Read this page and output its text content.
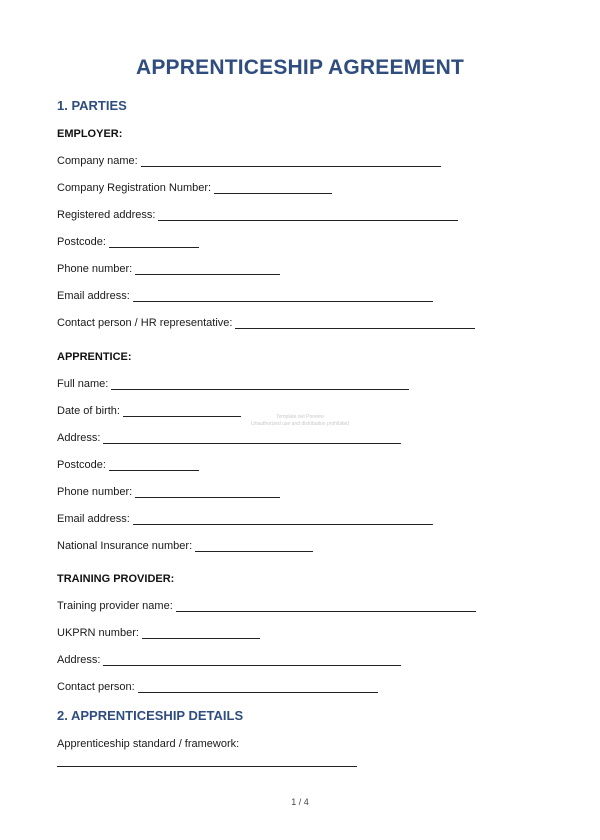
APPRENTICESHIP AGREEMENT
1. PARTIES
EMPLOYER:
Company name:
Company Registration Number:
Registered address:
Postcode:
Phone number:
Email address:
Contact person / HR representative:
APPRENTICE:
Full name:
Date of birth:	Template.net Preview
Unauthorized use and distribution prohibited
Address:
Postcode:
Phone number:
Email address:
National Insurance number:
TRAINING PROVIDER:
Training provider name:
UKPRN number:
Address:
Contact person:
2. APPRENTICESHIP DETAILS
Apprenticeship standard / framework:
1 / 4
